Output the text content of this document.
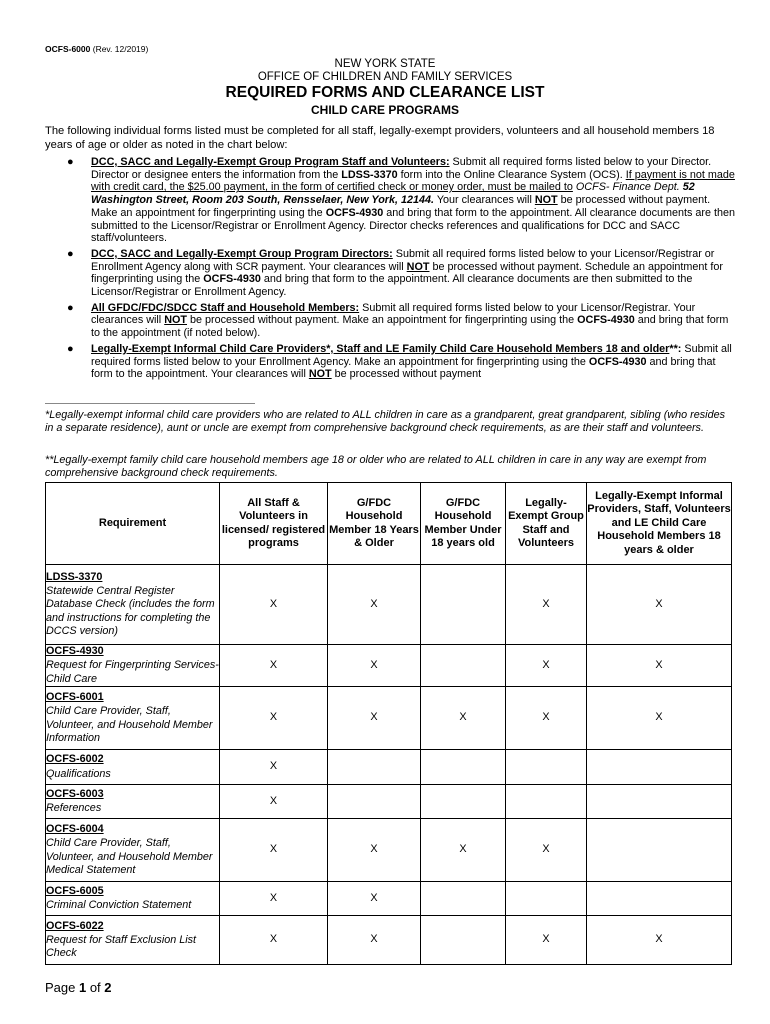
OCFS-6000 (Rev. 12/2019)
NEW YORK STATE
OFFICE OF CHILDREN AND FAMILY SERVICES
REQUIRED FORMS AND CLEARANCE LIST
CHILD CARE PROGRAMS
The following individual forms listed must be completed for all staff, legally-exempt providers, volunteers and all household members 18 years of age or older as noted in the chart below:
● DCC, SACC and Legally-Exempt Group Program Staff and Volunteers: Submit all required forms listed below to your Director. Director or designee enters the information from the LDSS-3370 form into the Online Clearance System (OCS). If payment is not made with credit card, the $25.00 payment, in the form of certified check or money order, must be mailed to OCFS- Finance Dept. 52 Washington Street, Room 203 South, Rensselaer, New York, 12144. Your clearances will NOT be processed without payment. Make an appointment for fingerprinting using the OCFS-4930 and bring that form to the appointment. All clearance documents are then submitted to the Licensor/Registrar or Enrollment Agency. Director checks references and qualifications for DCC and SACC staff/volunteers.
● DCC, SACC and Legally-Exempt Group Program Directors: Submit all required forms listed below to your Licensor/Registrar or Enrollment Agency along with SCR payment. Your clearances will NOT be processed without payment. Schedule an appointment for fingerprinting using the OCFS-4930 and bring that form to the appointment. All clearance documents are then submitted to the Licensor/Registrar or Enrollment Agency.
● All GFDC/FDC/SDCC Staff and Household Members: Submit all required forms listed below to your Licensor/Registrar. Your clearances will NOT be processed without payment. Make an appointment for fingerprinting using the OCFS-4930 and bring that form to the appointment (if noted below).
● Legally-Exempt Informal Child Care Providers*, Staff and LE Family Child Care Household Members 18 and older**: Submit all required forms listed below to your Enrollment Agency. Make an appointment for fingerprinting using the OCFS-4930 and bring that form to the appointment. Your clearances will NOT be processed without payment
*Legally-exempt informal child care providers who are related to ALL children in care as a grandparent, great grandparent, sibling (who resides in a separate residence), aunt or uncle are exempt from comprehensive background check requirements, as are their staff and volunteers.
**Legally-exempt family child care household members age 18 or older who are related to ALL children in care in any way are exempt from comprehensive background check requirements.
Requirement	All Staff & Volunteers in licensed/ registered programs	G/FDC Household Member 18 Years & Older	G/FDC Household Member Under 18 years old	Legally-Exempt Group Staff and Volunteers	Legally-Exempt Informal Providers, Staff, Volunteers and LE Child Care Household Members 18 years & older

LDSS-3370
Statewide Central Register Database Check (includes the form and instructions for completing the DCCS version)	X	X		X	X

OCFS-4930
Request for Fingerprinting Services-Child Care	X	X		X	X

OCFS-6001
Child Care Provider, Staff, Volunteer, and Household Member Information	X	X	X	X	X

OCFS-6002
Qualifications	X				

OCFS-6003
References	X				

OCFS-6004
Child Care Provider, Staff, Volunteer, and Household Member Medical Statement	X	X	X	X	

OCFS-6005
Criminal Conviction Statement	X	X			

OCFS-6022
Request for Staff Exclusion List Check	X	X		X	X
Page 1 of 2
